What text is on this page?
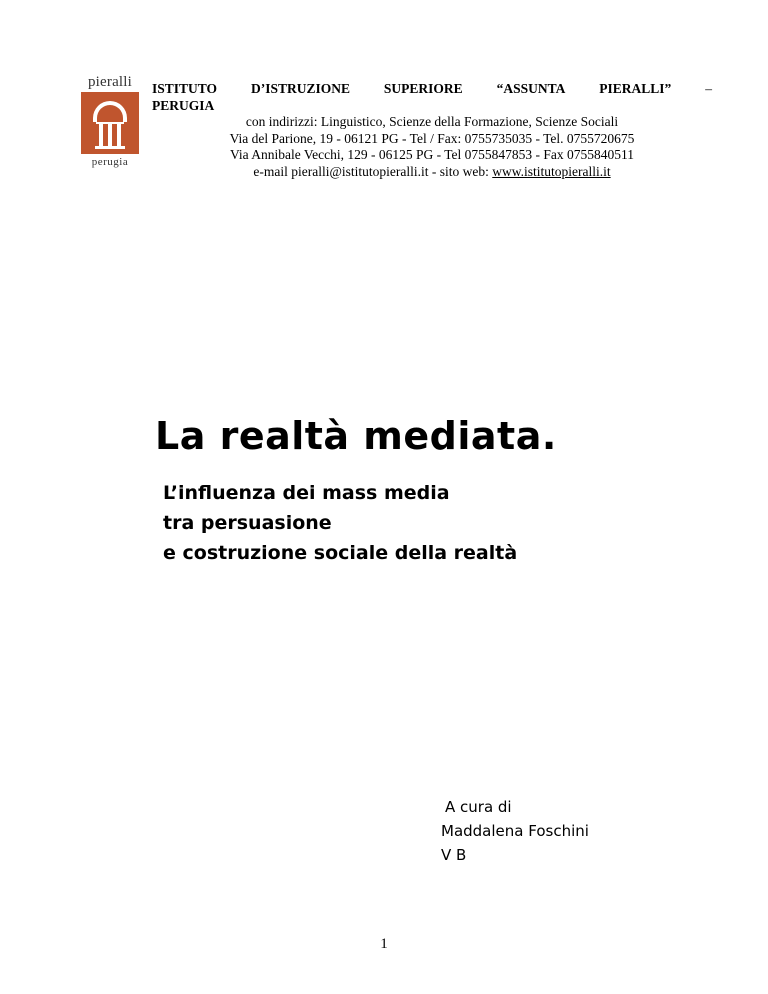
pieralli
perugia
ISTITUTO	D’ISTRUZIONE	SUPERIORE	“ASSUNTA	PIERALLI”	–
PERUGIA
con indirizzi: Linguistico, Scienze della Formazione, Scienze Sociali
Via del Parione, 19 - 06121 PG - Tel / Fax: 0755735035 - Tel. 0755720675
Via Annibale Vecchi, 129 - 06125 PG - Tel 0755847853 - Fax 0755840511
e-mail pieralli@istitutopieralli.it - sito web: www.istitutopieralli.it
La realtà mediata.
L’influenza dei mass media
tra persuasione
e costruzione sociale della realtà
A cura di
Maddalena Foschini
V B
1
